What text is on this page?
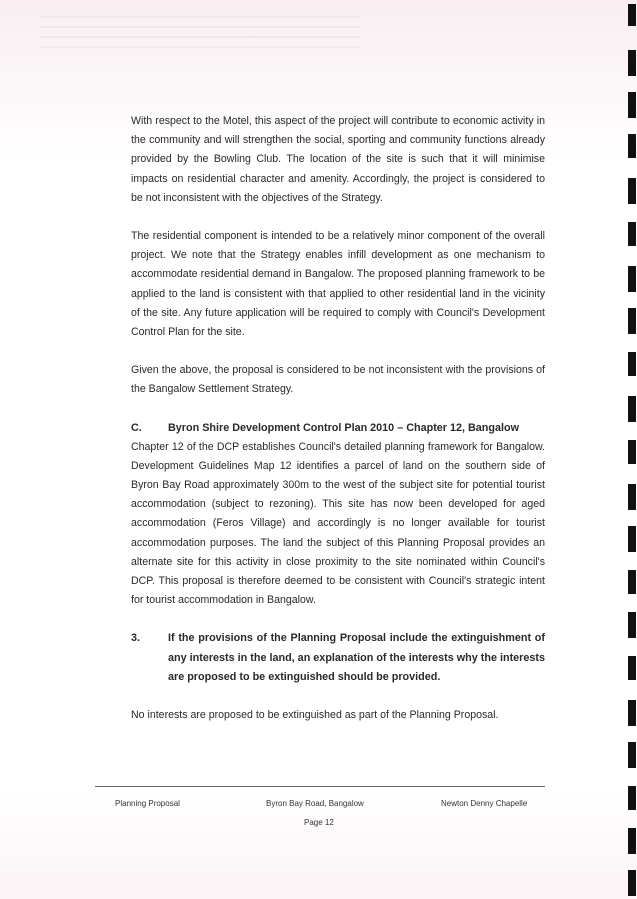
With respect to the Motel, this aspect of the project will contribute to economic activity in the community and will strengthen the social, sporting and community functions already provided by the Bowling Club. The location of the site is such that it will minimise impacts on residential character and amenity. Accordingly, the project is considered to be not inconsistent with the objectives of the Strategy.

The residential component is intended to be a relatively minor component of the overall project. We note that the Strategy enables infill development as one mechanism to accommodate residential demand in Bangalow. The proposed planning framework to be applied to the land is consistent with that applied to other residential land in the vicinity of the site. Any future application will be required to comply with Council's Development Control Plan for the site.

Given the above, the proposal is considered to be not inconsistent with the provisions of the Bangalow Settlement Strategy.

C.	Byron Shire Development Control Plan 2010 – Chapter 12, Bangalow

Chapter 12 of the DCP establishes Council's detailed planning framework for Bangalow. Development Guidelines Map 12 identifies a parcel of land on the southern side of Byron Bay Road approximately 300m to the west of the subject site for potential tourist accommodation (subject to rezoning). This site has now been developed for aged accommodation (Feros Village) and accordingly is no longer available for tourist accommodation purposes. The land the subject of this Planning Proposal provides an alternate site for this activity in close proximity to the site nominated within Council's DCP. This proposal is therefore deemed to be consistent with Council's strategic intent for tourist accommodation in Bangalow.

3.	If the provisions of the Planning Proposal include the extinguishment of any interests in the land, an explanation of the interests why the interests are proposed to be extinguished should be provided.

No interests are proposed to be extinguished as part of the Planning Proposal.

Planning Proposal	Byron Bay Road, Bangalow	Newton Denny Chapelle
Page 12
